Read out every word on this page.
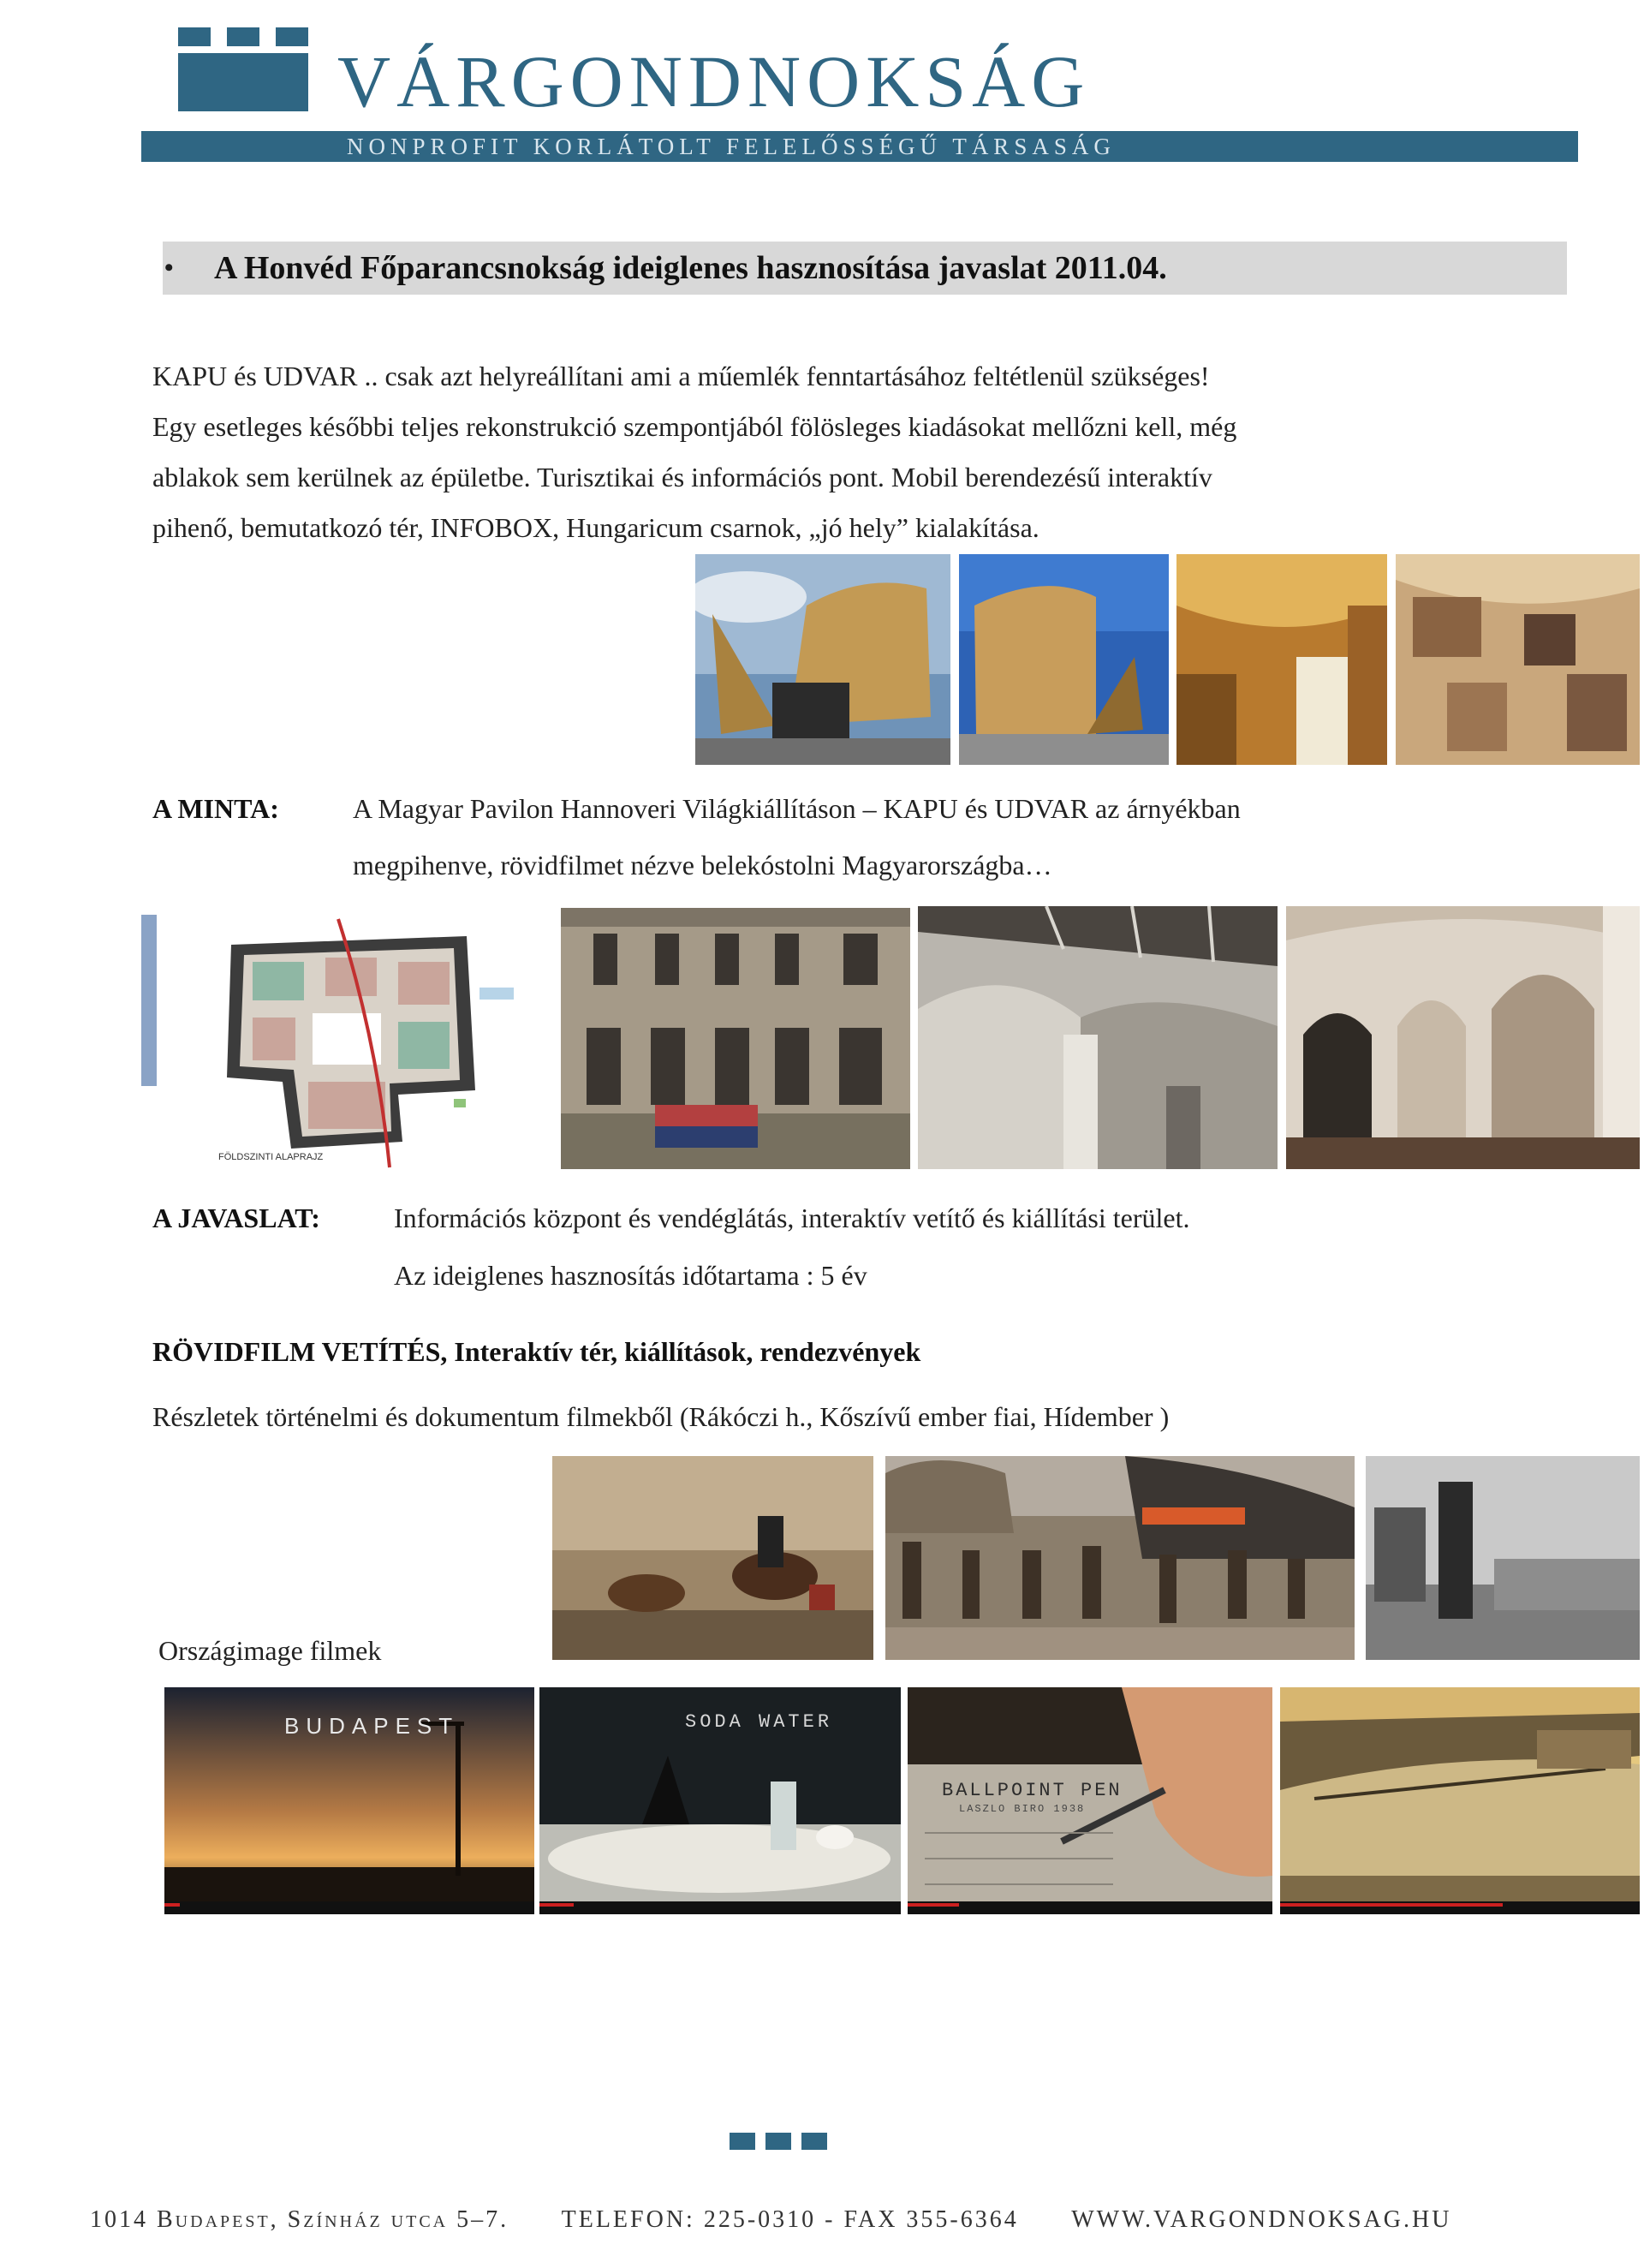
VÁRGONDNOKSÁG
NONPROFIT KORLÁTOLT FELELŐSSÉGŰ TÁRSASÁG
• A Honvéd Főparancsnokság ideiglenes hasznosítása javaslat 2011.04.
KAPU és UDVAR .. csak azt helyreállítani ami a műemlék fenntartásához feltétlenül szükséges!
Egy esetleges későbbi teljes rekonstrukció szempontjából fölösleges kiadásokat mellőzni kell, még
ablakok sem kerülnek az épületbe. Turisztikai és információs pont. Mobil berendezésű interaktív
pihenő, bemutatkozó tér, INFOBOX, Hungaricum csarnok, „jó hely” kialakítása.
A MINTA:	A Magyar Pavilon Hannoveri Világkiállításon – KAPU és UDVAR az árnyékban
megpihenve, rövidfilmet nézve belekóstolni Magyarországba…
FÖLDSZINTI ALAPRAJZ
A JAVASLAT:	Információs központ és vendéglátás, interaktív vetítő és kiállítási terület.
Az ideiglenes hasznosítás időtartama : 5 év
RÖVIDFILM VETÍTÉS, Interaktív tér, kiállítások, rendezvények
Részletek történelmi és dokumentum filmekből (Rákóczi h., Kőszívű ember fiai, Hídember )
Országimage filmek
BUDAPEST	SODA WATER
BALLPOINT PEN
LASZLO BIRO 1938
1014 Budapest, Színház utca 5–7. TELEFON: 225-0310 - FAX 355-6364 WWW.VARGONDNOKSAG.HU
